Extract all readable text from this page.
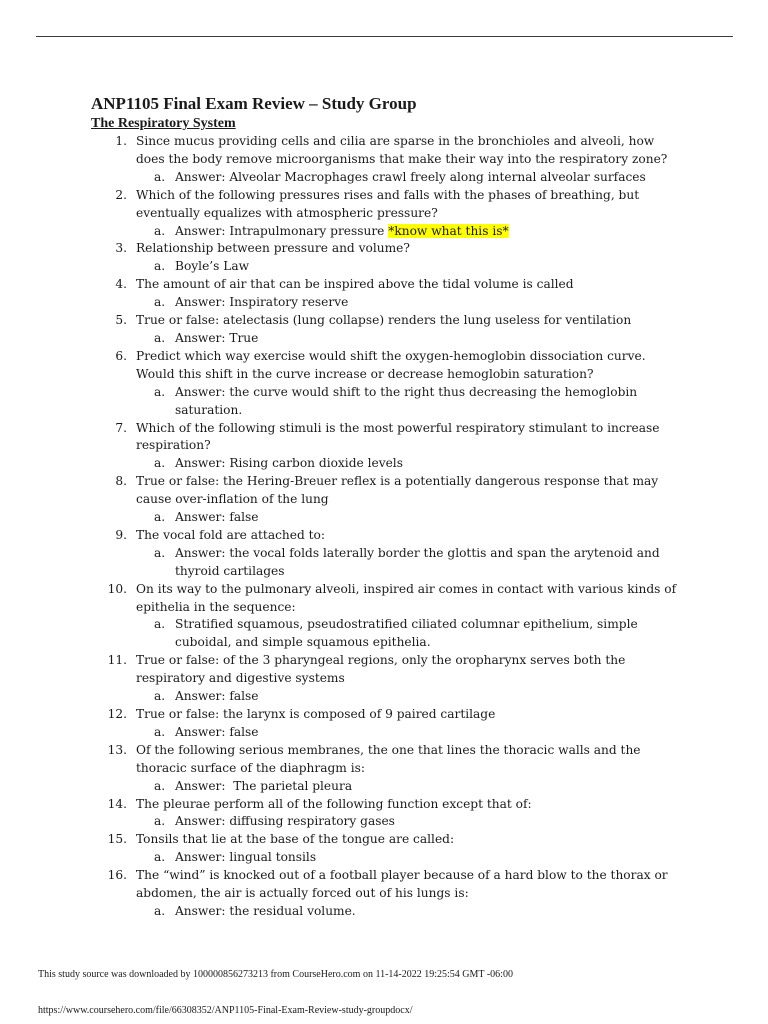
ANP1105 Final Exam Review – Study Group
The Respiratory System
1. Since mucus providing cells and cilia are sparse in the bronchioles and alveoli, how does the body remove microorganisms that make their way into the respiratory zone?
a. Answer: Alveolar Macrophages crawl freely along internal alveolar surfaces
2. Which of the following pressures rises and falls with the phases of breathing, but eventually equalizes with atmospheric pressure?
a. Answer: Intrapulmonary pressure *know what this is*
3. Relationship between pressure and volume?
a. Boyle’s Law
4. The amount of air that can be inspired above the tidal volume is called
a. Answer: Inspiratory reserve
5. True or false: atelectasis (lung collapse) renders the lung useless for ventilation
a. Answer: True
6. Predict which way exercise would shift the oxygen-hemoglobin dissociation curve. Would this shift in the curve increase or decrease hemoglobin saturation?
a. Answer: the curve would shift to the right thus decreasing the hemoglobin saturation.
7. Which of the following stimuli is the most powerful respiratory stimulant to increase respiration?
a. Answer: Rising carbon dioxide levels
8. True or false: the Hering-Breuer reflex is a potentially dangerous response that may cause over-inflation of the lung
a. Answer: false
9. The vocal fold are attached to:
a. Answer: the vocal folds laterally border the glottis and span the arytenoid and thyroid cartilages
10. On its way to the pulmonary alveoli, inspired air comes in contact with various kinds of epithelia in the sequence:
a. Stratified squamous, pseudostratified ciliated columnar epithelium, simple cuboidal, and simple squamous epithelia.
11. True or false: of the 3 pharyngeal regions, only the oropharynx serves both the respiratory and digestive systems
a. Answer: false
12. True or false: the larynx is composed of 9 paired cartilage
a. Answer: false
13. Of the following serious membranes, the one that lines the thoracic walls and the thoracic surface of the diaphragm is:
a. Answer:  The parietal pleura
14. The pleurae perform all of the following function except that of:
a. Answer: diffusing respiratory gases
15. Tonsils that lie at the base of the tongue are called:
a. Answer: lingual tonsils
16. The “wind” is knocked out of a football player because of a hard blow to the thorax or abdomen, the air is actually forced out of his lungs is:
a. Answer: the residual volume.
This study source was downloaded by 100000856273213 from CourseHero.com on 11-14-2022 19:25:54 GMT -06:00
https://www.coursehero.com/file/66308352/ANP1105-Final-Exam-Review-study-groupdocx/
